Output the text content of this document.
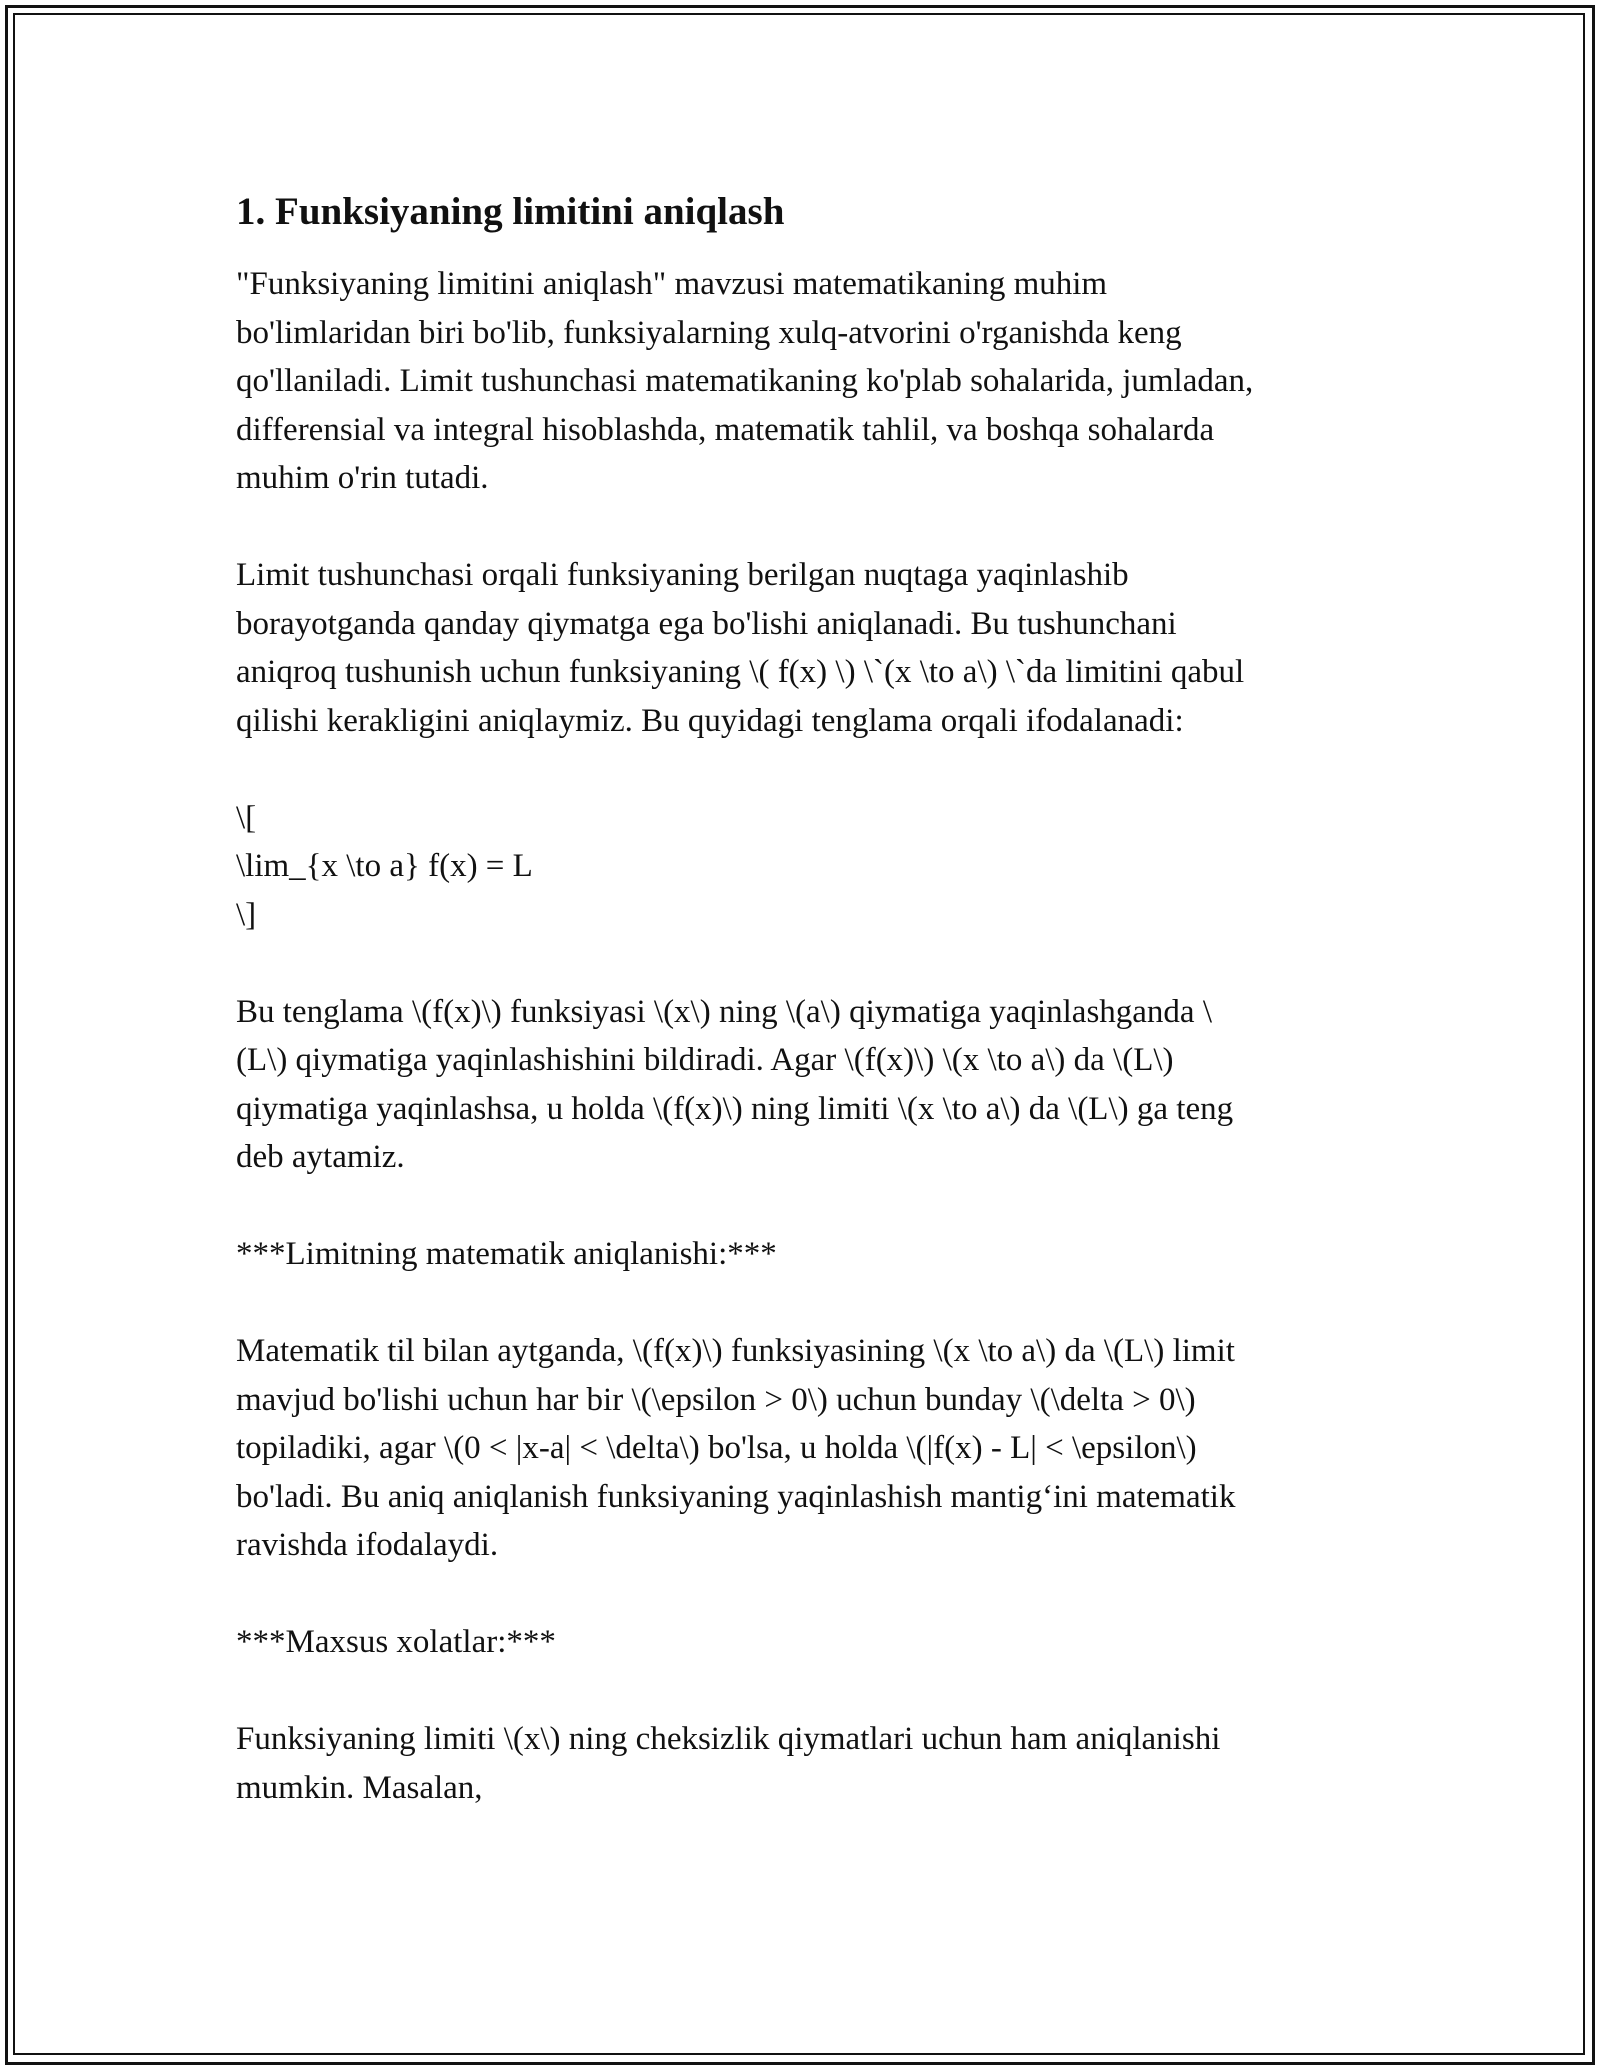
1. Funksiyaning limitini aniqlash
"Funksiyaning limitini aniqlash" mavzusi matematikaning muhim
bo'limlaridan biri bo'lib, funksiyalarning xulq-atvorini o'rganishda keng
qo'llaniladi. Limit tushunchasi matematikaning ko'plab sohalarida, jumladan,
differensial va integral hisoblashda, matematik tahlil, va boshqa sohalarda
muhim o'rin tutadi.
Limit tushunchasi orqali funksiyaning berilgan nuqtaga yaqinlashib
borayotganda qanday qiymatga ega bo'lishi aniqlanadi. Bu tushunchani
aniqroq tushunish uchun funksiyaning \( f(x) \) \`(x \to a\) \`da limitini qabul
qilishi kerakligini aniqlaymiz. Bu quyidagi tenglama orqali ifodalanadi:
\[
\lim_{x \to a} f(x) = L
\]
Bu tenglama \(f(x)\) funksiyasi \(x\) ning \(a\) qiymatiga yaqinlashganda \
(L\) qiymatiga yaqinlashishini bildiradi. Agar \(f(x)\) \(x \to a\) da \(L\)
qiymatiga yaqinlashsa, u holda \(f(x)\) ning limiti \(x \to a\) da \(L\) ga teng
deb aytamiz.
***Limitning matematik aniqlanishi:***
Matematik til bilan aytganda, \(f(x)\) funksiyasining \(x \to a\) da \(L\) limit
mavjud bo'lishi uchun har bir \(\epsilon > 0\) uchun bunday \(\delta > 0\)
topiladiki, agar \(0 < |x-a| < \delta\) bo'lsa, u holda \(|f(x) - L| < \epsilon\)
bo'ladi. Bu aniq aniqlanish funksiyaning yaqinlashish mantig‘ini matematik
ravishda ifodalaydi.
***Maxsus xolatlar:***
Funksiyaning limiti \(x\) ning cheksizlik qiymatlari uchun ham aniqlanishi
mumkin. Masalan,
